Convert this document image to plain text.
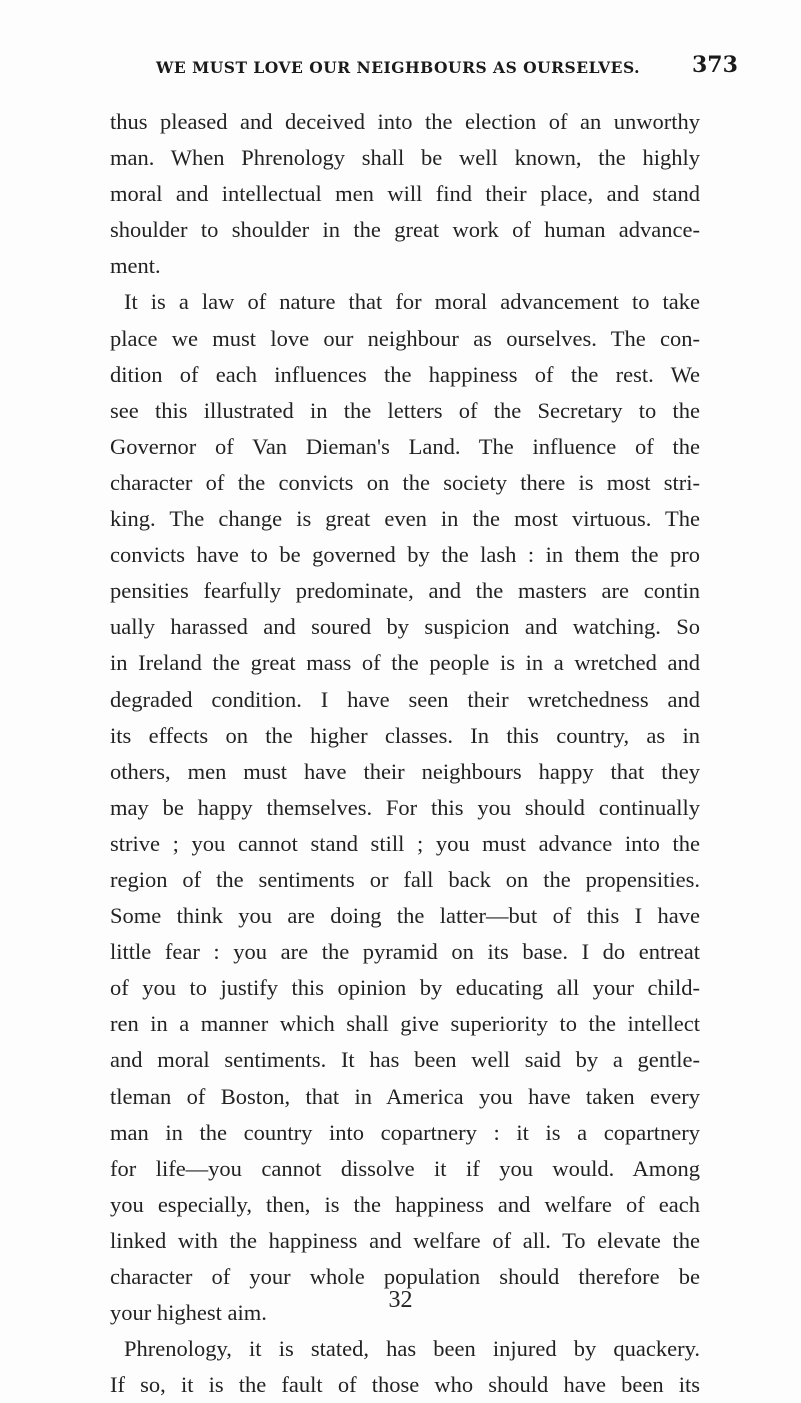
WE MUST LOVE OUR NEIGHBOURS AS OURSELVES.	373
thus pleased and deceived into the election of an unworthy
man. When Phrenology shall be well known, the highly
moral and intellectual men will find their place, and stand
shoulder to shoulder in the great work of human advance-
ment.
It is a law of nature that for moral advancement to take
place we must love our neighbour as ourselves. The con-
dition of each influences the happiness of the rest. We
see this illustrated in the letters of the Secretary to the
Governor of Van Dieman's Land. The influence of the
character of the convicts on the society there is most stri-
king. The change is great even in the most virtuous. The
convicts have to be governed by the lash : in them the pro
pensities fearfully predominate, and the masters are contin
ually harassed and soured by suspicion and watching. So
in Ireland the great mass of the people is in a wretched and
degraded condition. I have seen their wretchedness and
its effects on the higher classes. In this country, as in
others, men must have their neighbours happy that they
may be happy themselves. For this you should continually
strive ; you cannot stand still ; you must advance into the
region of the sentiments or fall back on the propensities.
Some think you are doing the latter—but of this I have
little fear : you are the pyramid on its base. I do entreat
of you to justify this opinion by educating all your child-
ren in a manner which shall give superiority to the intellect
and moral sentiments. It has been well said by a gentle-
tleman of Boston, that in America you have taken every
man in the country into copartnery : it is a copartnery
for life—you cannot dissolve it if you would. Among
you especially, then, is the happiness and welfare of each
linked with the happiness and welfare of all. To elevate the
character of your whole population should therefore be
your highest aim.
Phrenology, it is stated, has been injured by quackery.
If so, it is the fault of those who should have been its
32
